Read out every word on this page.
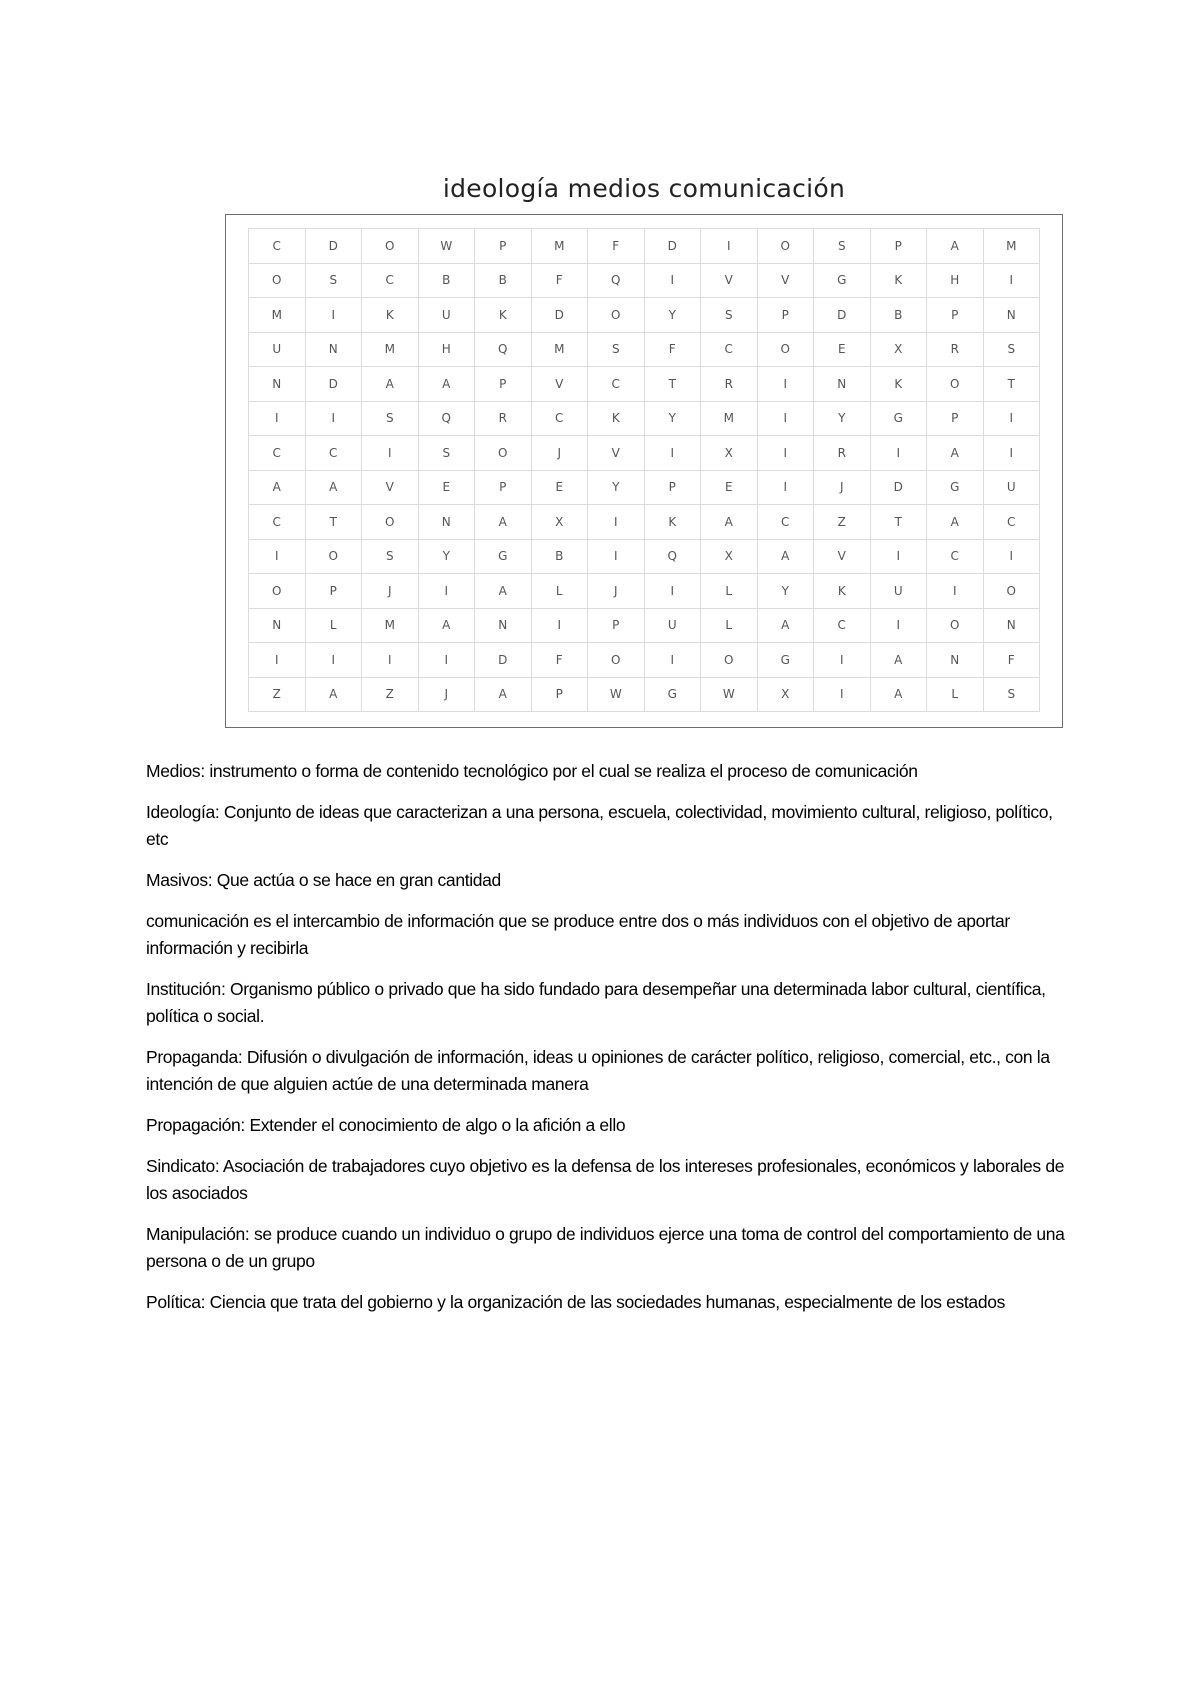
ideología medios comunicación
C	D	O	W	P	M	F	D	I	O	S	P	A	M
O	S	C	B	B	F	Q	I	V	V	G	K	H	I
M	I	K	U	K	D	O	Y	S	P	D	B	P	N
U	N	M	H	Q	M	S	F	C	O	E	X	R	S
N	D	A	A	P	V	C	T	R	I	N	K	O	T
I	I	S	Q	R	C	K	Y	M	I	Y	G	P	I
C	C	I	S	O	J	V	I	X	I	R	I	A	I
A	A	V	E	P	E	Y	P	E	I	J	D	G	U
C	T	O	N	A	X	I	K	A	C	Z	T	A	C
I	O	S	Y	G	B	I	Q	X	A	V	I	C	I
O	P	J	I	A	L	J	I	L	Y	K	U	I	O
N	L	M	A	N	I	P	U	L	A	C	I	O	N
I	I	I	I	D	F	O	I	O	G	I	A	N	F
Z	A	Z	J	A	P	W	G	W	X	I	A	L	S

Medios: instrumento o forma de contenido tecnológico por el cual se realiza el proceso de comunicación

Ideología: Conjunto de ideas que caracterizan a una persona, escuela, colectividad, movimiento cultural, religioso, político, etc

Masivos: Que actúa o se hace en gran cantidad

comunicación es el intercambio de información que se produce entre dos o más individuos con el objetivo de aportar información y recibirla

Institución: Organismo público o privado que ha sido fundado para desempeñar una determinada labor cultural, científica, política o social.

Propaganda: Difusión o divulgación de información, ideas u opiniones de carácter político, religioso, comercial, etc., con la intención de que alguien actúe de una determinada manera

Propagación: Extender el conocimiento de algo o la afición a ello

Sindicato: Asociación de trabajadores cuyo objetivo es la defensa de los intereses profesionales, económicos y laborales de los asociados

Manipulación: se produce cuando un individuo o grupo de individuos ejerce una toma de control del comportamiento de una persona o de un grupo

Política: Ciencia que trata del gobierno y la organización de las sociedades humanas, especialmente de los estados
